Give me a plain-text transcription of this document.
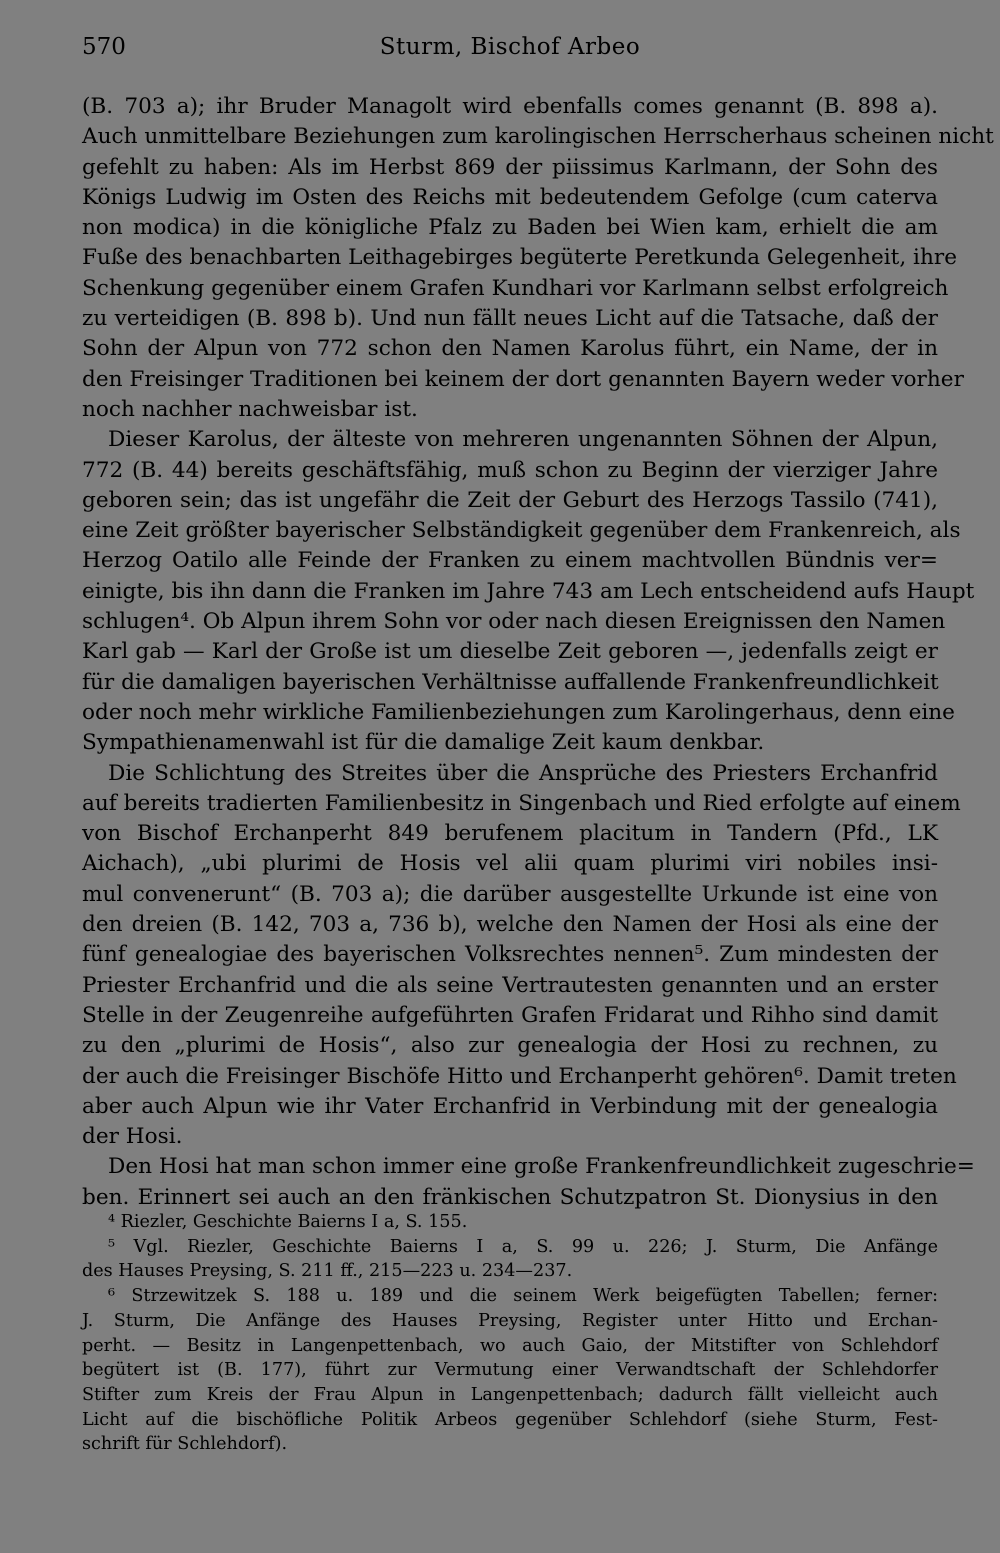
570	Sturm, Bischof Arbeo
(B. 703 a); ihr Bruder Managolt wird ebenfalls comes genannt (B. 898 a).
Auch unmittelbare Beziehungen zum karolingischen Herrscherhaus scheinen nicht
gefehlt zu haben: Als im Herbst 869 der piissimus Karlmann, der Sohn des
Königs Ludwig im Osten des Reichs mit bedeutendem Gefolge (cum caterva
non modica) in die königliche Pfalz zu Baden bei Wien kam, erhielt die am
Fuße des benachbarten Leithagebirges begüterte Peretkunda Gelegenheit, ihre
Schenkung gegenüber einem Grafen Kundhari vor Karlmann selbst erfolgreich
zu verteidigen (B. 898 b). Und nun fällt neues Licht auf die Tatsache, daß der
Sohn der Alpun von 772 schon den Namen Karolus führt, ein Name, der in
den Freisinger Traditionen bei keinem der dort genannten Bayern weder vorher
noch nachher nachweisbar ist.
Dieser Karolus, der älteste von mehreren ungenannten Söhnen der Alpun,
772 (B. 44) bereits geschäftsfähig, muß schon zu Beginn der vierziger Jahre
geboren sein; das ist ungefähr die Zeit der Geburt des Herzogs Tassilo (741),
eine Zeit größter bayerischer Selbständigkeit gegenüber dem Frankenreich, als
Herzog Oatilo alle Feinde der Franken zu einem machtvollen Bündnis ver=
einigte, bis ihn dann die Franken im Jahre 743 am Lech entscheidend aufs Haupt
schlugen⁴. Ob Alpun ihrem Sohn vor oder nach diesen Ereignissen den Namen
Karl gab — Karl der Große ist um dieselbe Zeit geboren —, jedenfalls zeigt er
für die damaligen bayerischen Verhältnisse auffallende Frankenfreundlichkeit
oder noch mehr wirkliche Familienbeziehungen zum Karolingerhaus, denn eine
Sympathienamenwahl ist für die damalige Zeit kaum denkbar.
Die Schlichtung des Streites über die Ansprüche des Priesters Erchanfrid
auf bereits tradierten Familienbesitz in Singenbach und Ried erfolgte auf einem
von Bischof Erchanperht 849 berufenem placitum in Tandern (Pfd., LK
Aichach), „ubi plurimi de Hosis vel alii quam plurimi viri nobiles insi-
mul convenerunt“ (B. 703 a); die darüber ausgestellte Urkunde ist eine von
den dreien (B. 142, 703 a, 736 b), welche den Namen der Hosi als eine der
fünf genealogiae des bayerischen Volksrechtes nennen⁵. Zum mindesten der
Priester Erchanfrid und die als seine Vertrautesten genannten und an erster
Stelle in der Zeugenreihe aufgeführten Grafen Fridarat und Rihho sind damit
zu den „plurimi de Hosis“, also zur genealogia der Hosi zu rechnen, zu
der auch die Freisinger Bischöfe Hitto und Erchanperht gehören⁶. Damit treten
aber auch Alpun wie ihr Vater Erchanfrid in Verbindung mit der genealogia
der Hosi.
Den Hosi hat man schon immer eine große Frankenfreundlichkeit zugeschrie=
ben. Erinnert sei auch an den fränkischen Schutzpatron St. Dionysius in den
⁴ Riezler, Geschichte Baierns I a, S. 155.
⁵ Vgl. Riezler, Geschichte Baierns I a, S. 99 u. 226; J. Sturm, Die Anfänge
des Hauses Preysing, S. 211 ff., 215—223 u. 234—237.
⁶ Strzewitzek S. 188 u. 189 und die seinem Werk beigefügten Tabellen; ferner:
J. Sturm, Die Anfänge des Hauses Preysing, Register unter Hitto und Erchan-
perht. — Besitz in Langenpettenbach, wo auch Gaio, der Mitstifter von Schlehdorf
begütert ist (B. 177), führt zur Vermutung einer Verwandtschaft der Schlehdorfer
Stifter zum Kreis der Frau Alpun in Langenpettenbach; dadurch fällt vielleicht auch
Licht auf die bischöfliche Politik Arbeos gegenüber Schlehdorf (siehe Sturm, Fest-
schrift für Schlehdorf).
